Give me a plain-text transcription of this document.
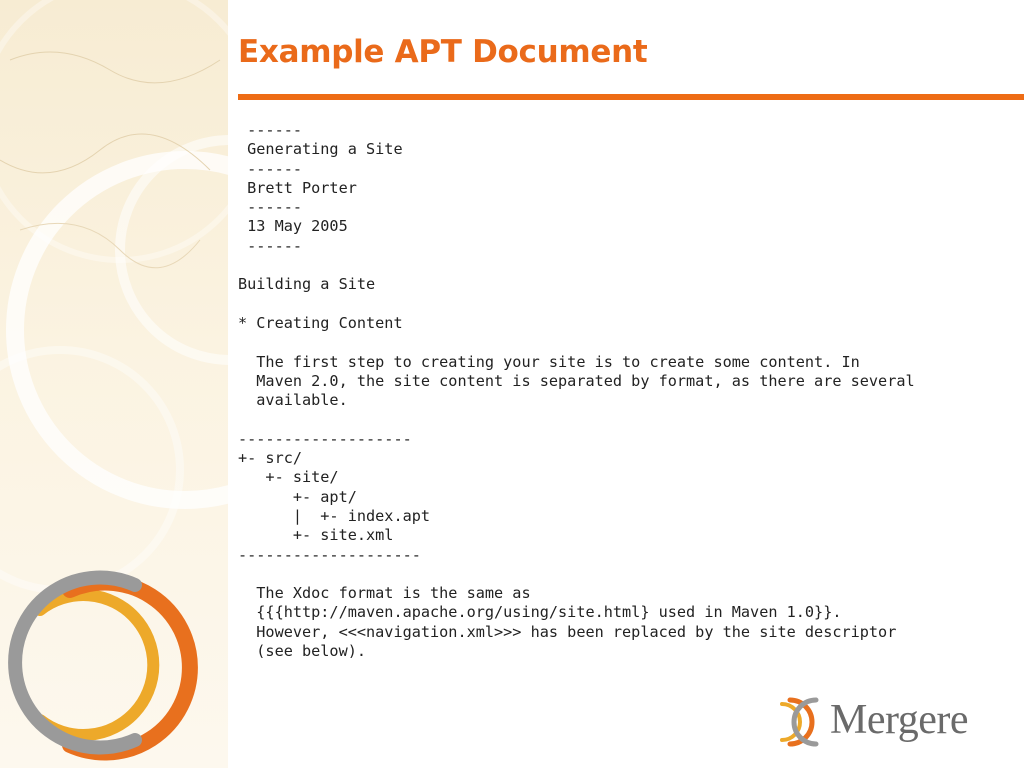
Example APT Document
------
Generating a Site
------
Brett Porter
------
13 May 2005
------

Building a Site

* Creating Content

The first step to creating your site is to create some content. In
Maven 2.0, the site content is separated by format, as there are several
available.

-------------------
+- src/
+- site/
+- apt/
|  +- index.apt
+- site.xml
--------------------

The Xdoc format is the same as
{{{http://maven.apache.org/using/site.html} used in Maven 1.0}}.
However, <<<navigation.xml>>> has been replaced by the site descriptor
(see below).
Mergere
